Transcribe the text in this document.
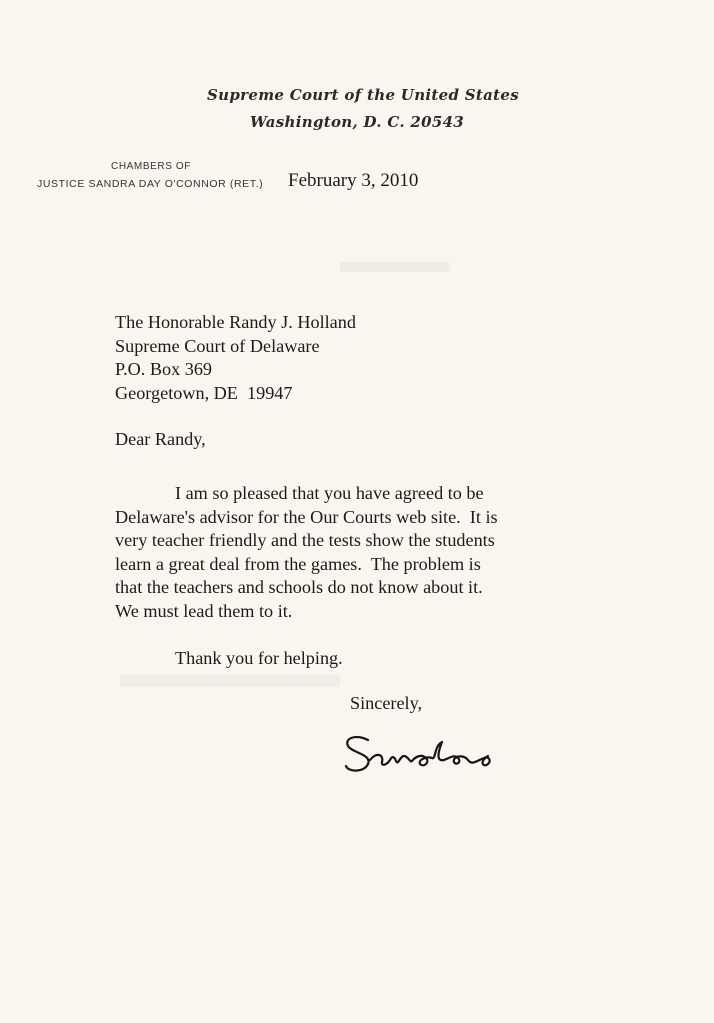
Supreme Court of the United States
Washington, D. C. 20543
CHAMBERS OF
JUSTICE SANDRA DAY O'CONNOR (RET.) February 3, 2010
The Honorable Randy J. Holland
Supreme Court of Delaware
P.O. Box 369
Georgetown, DE  19947
Dear Randy,
I am so pleased that you have agreed to be
Delaware's advisor for the Our Courts web site.  It is
very teacher friendly and the tests show the students
learn a great deal from the games.  The problem is
that the teachers and schools do not know about it.
We must lead them to it.
Thank you for helping.
Sincerely,
